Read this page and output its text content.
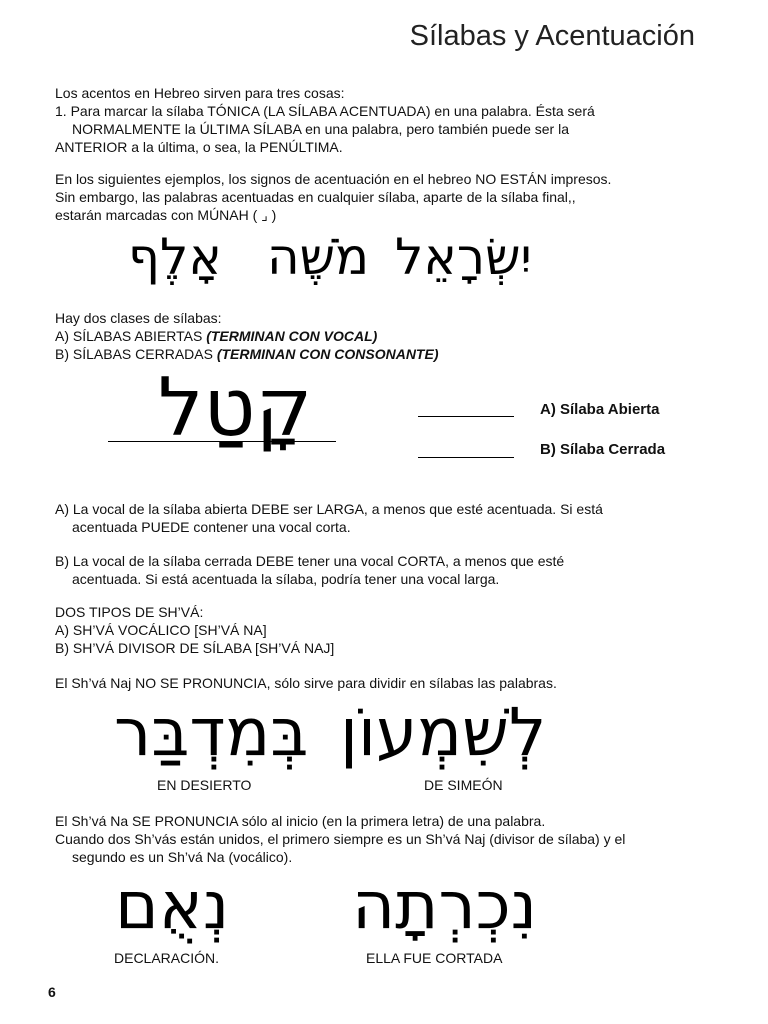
Sílabas y Acentuación

Los acentos en Hebreo sirven para tres cosas:

1. Para marcar la sílaba TÓNICA (LA SÍLABA ACENTUADA) en una palabra. Ésta será

NORMALMENTE la ÚLTIMA SÍLABA en una palabra, pero también puede ser la

ANTERIOR a la última, o sea, la PENÚLTIMA.

En los siguientes ejemplos, los signos de acentuación en el hebreo NO ESTÁN impresos.

Sin embargo, las palabras acentuadas en cualquier sílaba, aparte de la sílaba final,,

estarán marcadas con MÚNAH ( ⌟ )

יִשְׂרָאֵל
מֹשֶׁה
אָלֶף

Hay dos clases de sílabas:

A) SÍLABAS ABIERTAS (TERMINAN CON VOCAL)

B) SÍLABAS CERRADAS (TERMINAN CON CONSONANTE)

קָטַל	A) Sílaba Abierta
B) Sílaba Cerrada

A) La vocal de la sílaba abierta DEBE ser LARGA, a menos que esté acentuada. Si está

acentuada PUEDE contener una vocal corta.

B) La vocal de la sílaba cerrada DEBE tener una vocal CORTA, a menos que esté

acentuada. Si está acentuada la sílaba, podría tener una vocal larga.

DOS TIPOS DE SH’VÁ:

A) SH’VÁ VOCÁLICO [SH’VÁ NA]

B) SH’VÁ DIVISOR DE SÍLABA [SH’VÁ NAJ]

El Sh’vá Naj NO SE PRONUNCIA, sólo sirve para dividir en sílabas las palabras.

לְשִׁמְעוֹן
DE SIMEÓN
בְּמִדְבַּר
EN DESIERTO

El Sh’vá Na SE PRONUNCIA sólo al inicio (en la primera letra) de una palabra.

Cuando dos Sh’vás están unidos, el primero siempre es un Sh’vá Naj (divisor de sílaba) y el

segundo es un Sh’vá Na (vocálico).

נִכְרְתָה
ELLA FUE CORTADA
נְאֻם
DECLARACIÓN.
6
